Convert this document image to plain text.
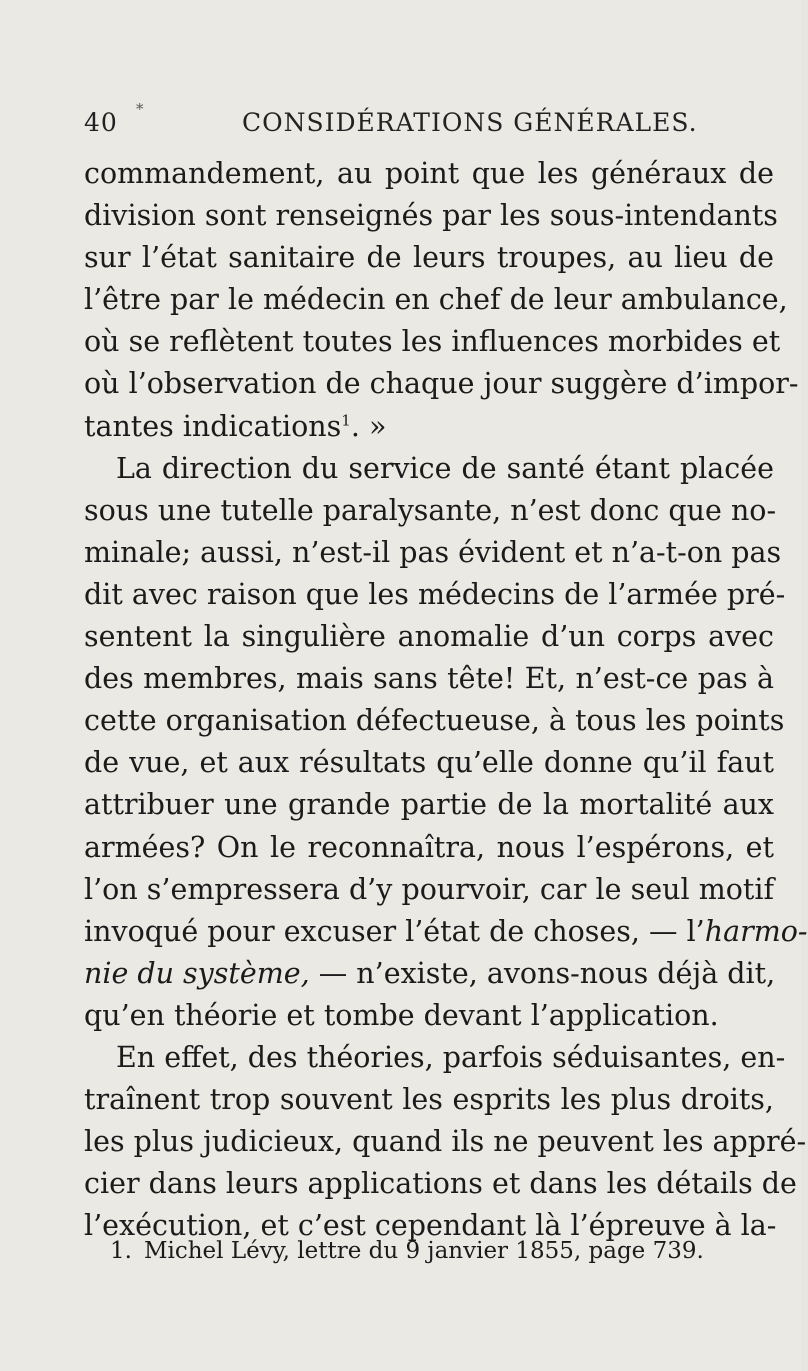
40 *	CONSIDÉRATIONS GÉNÉRALES.
commandement, au point que les généraux de
division sont renseignés par les sous-intendants
sur l’état sanitaire de leurs troupes, au lieu de
l’être par le médecin en chef de leur ambulance,
où se reflètent toutes les influences morbides et
où l’observation de chaque jour suggère d’impor-
tantes indications$^1$. »
La direction du service de santé étant placée
sous une tutelle paralysante, n’est donc que no-
minale; aussi, n’est-il pas évident et n’a-t-on pas
dit avec raison que les médecins de l’armée pré-
sentent la singulière anomalie d’un corps avec
des membres, mais sans tête! Et, n’est-ce pas à
cette organisation défectueuse, à tous les points
de vue, et aux résultats qu’elle donne qu’il faut
attribuer une grande partie de la mortalité aux
armées? On le reconnaîtra, nous l’espérons, et
l’on s’empressera d’y pourvoir, car le seul motif
invoqué pour excuser l’état de choses, — l’harmo-
nie du système, — n’existe, avons-nous déjà dit,
qu’en théorie et tombe devant l’application.
En effet, des théories, parfois séduisantes, en-
traînent trop souvent les esprits les plus droits,
les plus judicieux, quand ils ne peuvent les appré-
cier dans leurs applications et dans les détails de
l’exécution, et c’est cependant là l’épreuve à la-
1. Michel Lévy, lettre du 9 janvier 1855, page 739.
